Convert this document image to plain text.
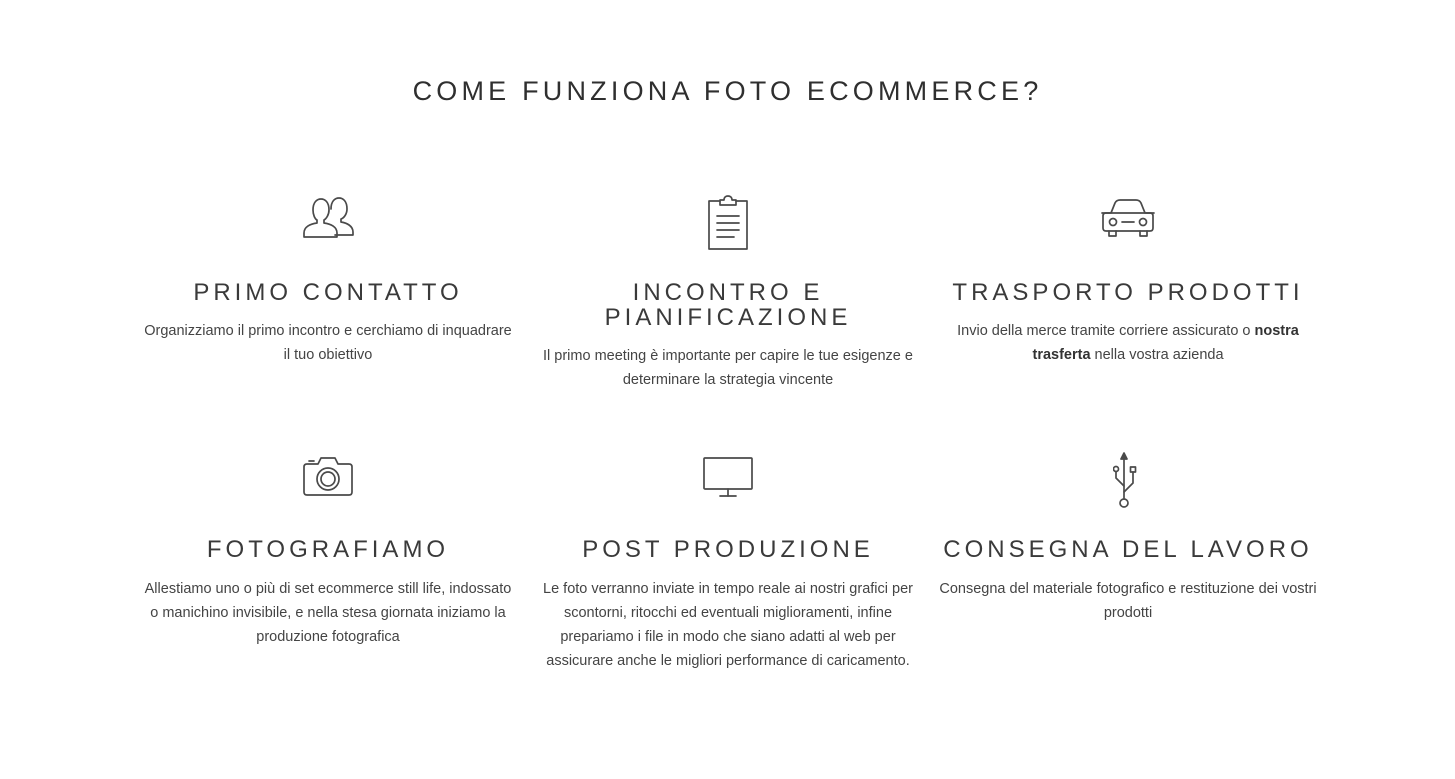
COME FUNZIONA FOTO ECOMMERCE?
PRIMO CONTATTO

Organizziamo il primo incontro e cerchiamo di inquadrare il tuo obiettivo

INCONTRO E
PIANIFICAZIONE

Il primo meeting è importante per capire le tue esigenze e determinare la strategia vincente

TRASPORTO PRODOTTI

Invio della merce tramite corriere assicurato o nostra trasferta nella vostra azienda

FOTOGRAFIAMO

Allestiamo uno o più di set ecommerce still life, indossato o manichino invisibile, e nella stesa giornata iniziamo la produzione fotografica

POST PRODUZIONE

Le foto verranno inviate in tempo reale ai nostri grafici per scontorni, ritocchi ed eventuali miglioramenti, infine prepariamo i file in modo che siano adatti al web per assicurare anche le migliori performance di caricamento.

CONSEGNA DEL LAVORO

Consegna del materiale fotografico e restituzione dei vostri prodotti
